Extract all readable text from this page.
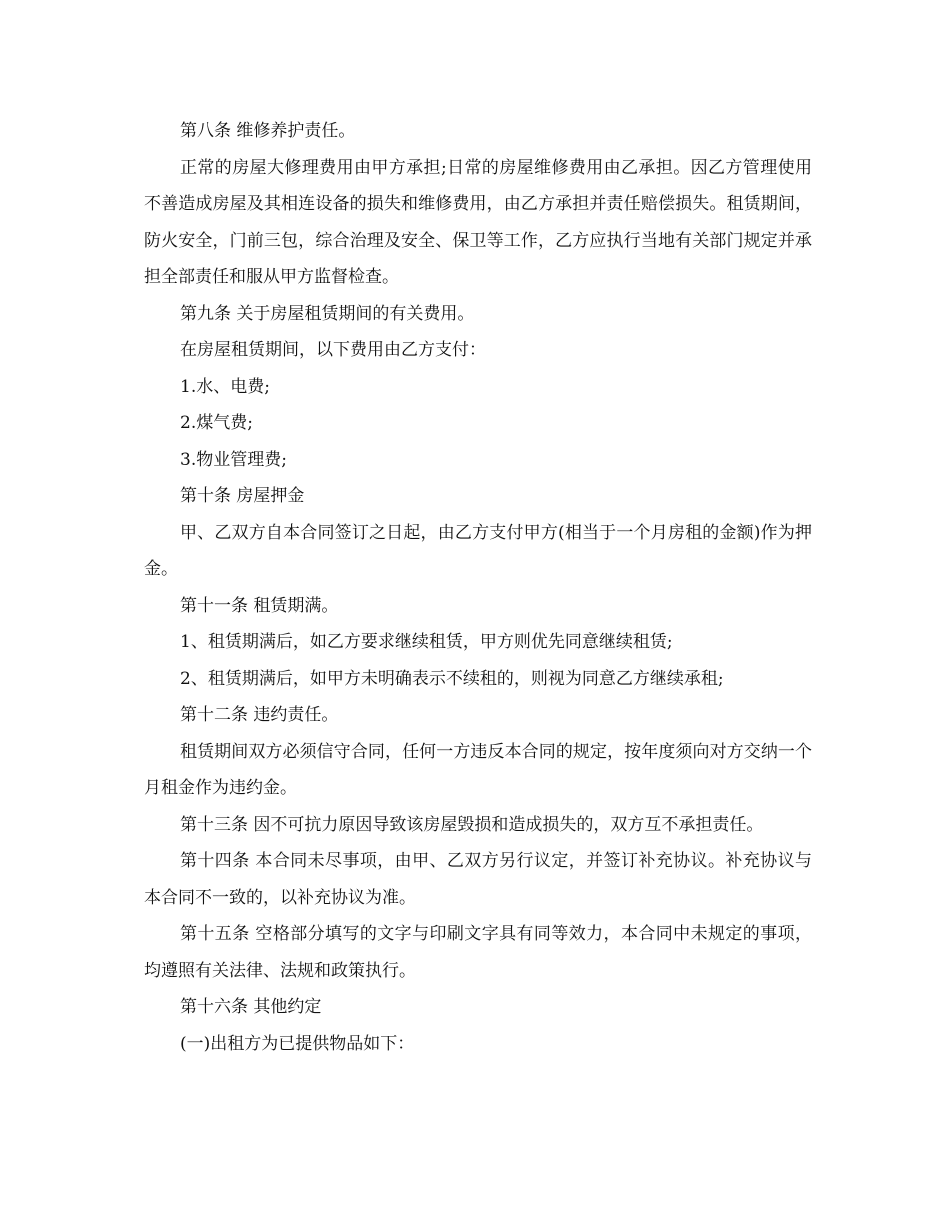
第八条 维修养护责任。

正常的房屋大修理费用由甲方承担;日常的房屋维修费用由乙承担。因乙方管理使用不善造成房屋及其相连设备的损失和维修费用，由乙方承担并责任赔偿损失。租赁期间，防火安全，门前三包，综合治理及安全、保卫等工作，乙方应执行当地有关部门规定并承担全部责任和服从甲方监督检查。

第九条 关于房屋租赁期间的有关费用。

在房屋租赁期间，以下费用由乙方支付：

1.水、电费;

2.煤气费;

3.物业管理费;

第十条 房屋押金

甲、乙双方自本合同签订之日起，由乙方支付甲方(相当于一个月房租的金额)作为押金。

第十一条 租赁期满。

1、租赁期满后，如乙方要求继续租赁，甲方则优先同意继续租赁;

2、租赁期满后，如甲方未明确表示不续租的，则视为同意乙方继续承租;

第十二条 违约责任。

租赁期间双方必须信守合同，任何一方违反本合同的规定，按年度须向对方交纳一个月租金作为违约金。

第十三条 因不可抗力原因导致该房屋毁损和造成损失的，双方互不承担责任。

第十四条 本合同未尽事项，由甲、乙双方另行议定，并签订补充协议。补充协议与本合同不一致的，以补充协议为准。

第十五条 空格部分填写的文字与印刷文字具有同等效力，本合同中未规定的事项，均遵照有关法律、法规和政策执行。

第十六条 其他约定

(一)出租方为已提供物品如下：
